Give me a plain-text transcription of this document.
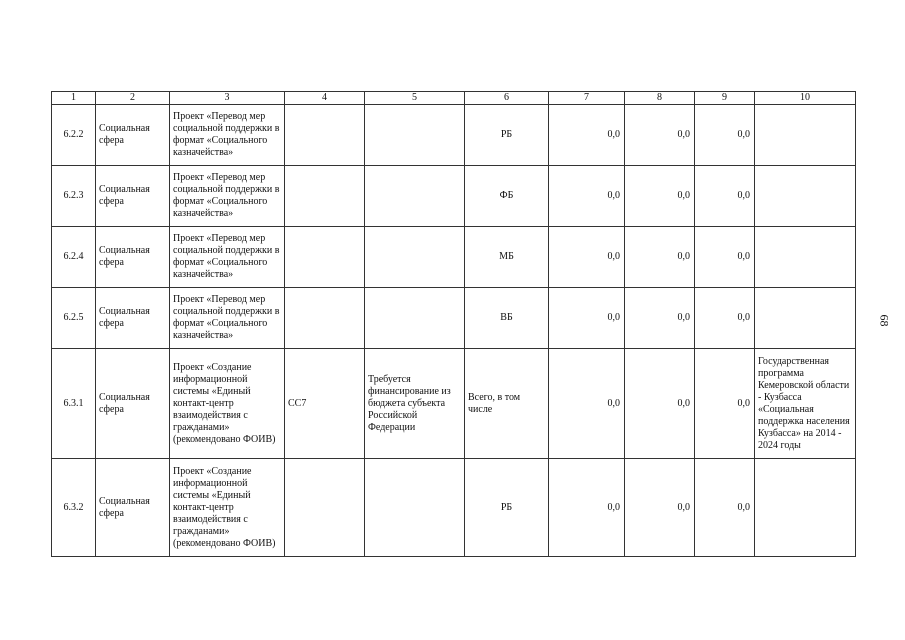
1	2	3	4	5	6	7	8	9	10
6.2.2	Социальная сфера	Проект «Перевод мер социальной поддержки в формат «Социального казначейства»			РБ	0,0	0,0	0,0	
6.2.3	Социальная сфера	Проект «Перевод мер социальной поддержки в формат «Социального казначейства»			ФБ	0,0	0,0	0,0	
6.2.4	Социальная сфера	Проект «Перевод мер социальной поддержки в формат «Социального казначейства»			МБ	0,0	0,0	0,0	
6.2.5	Социальная сфера	Проект «Перевод мер социальной поддержки в формат «Социального казначейства»			ВБ	0,0	0,0	0,0	
6.3.1	Социальная сфера	Проект «Создание информационной системы «Единый контакт-центр взаимодействия с гражданами» (рекомендовано ФОИВ)	СС7	Требуется финансирование из бюджета субъекта Российской Федерации	Всего, в том числе	0,0	0,0	0,0	Государственная программа Кемеровской области - Кузбасса «Социальная поддержка населения Кузбасса» на 2014 - 2024 годы
6.3.2	Социальная сфера	Проект «Создание информационной системы «Единый контакт-центр взаимодействия с гражданами» (рекомендовано ФОИВ)			РБ	0,0	0,0	0,0	
68
